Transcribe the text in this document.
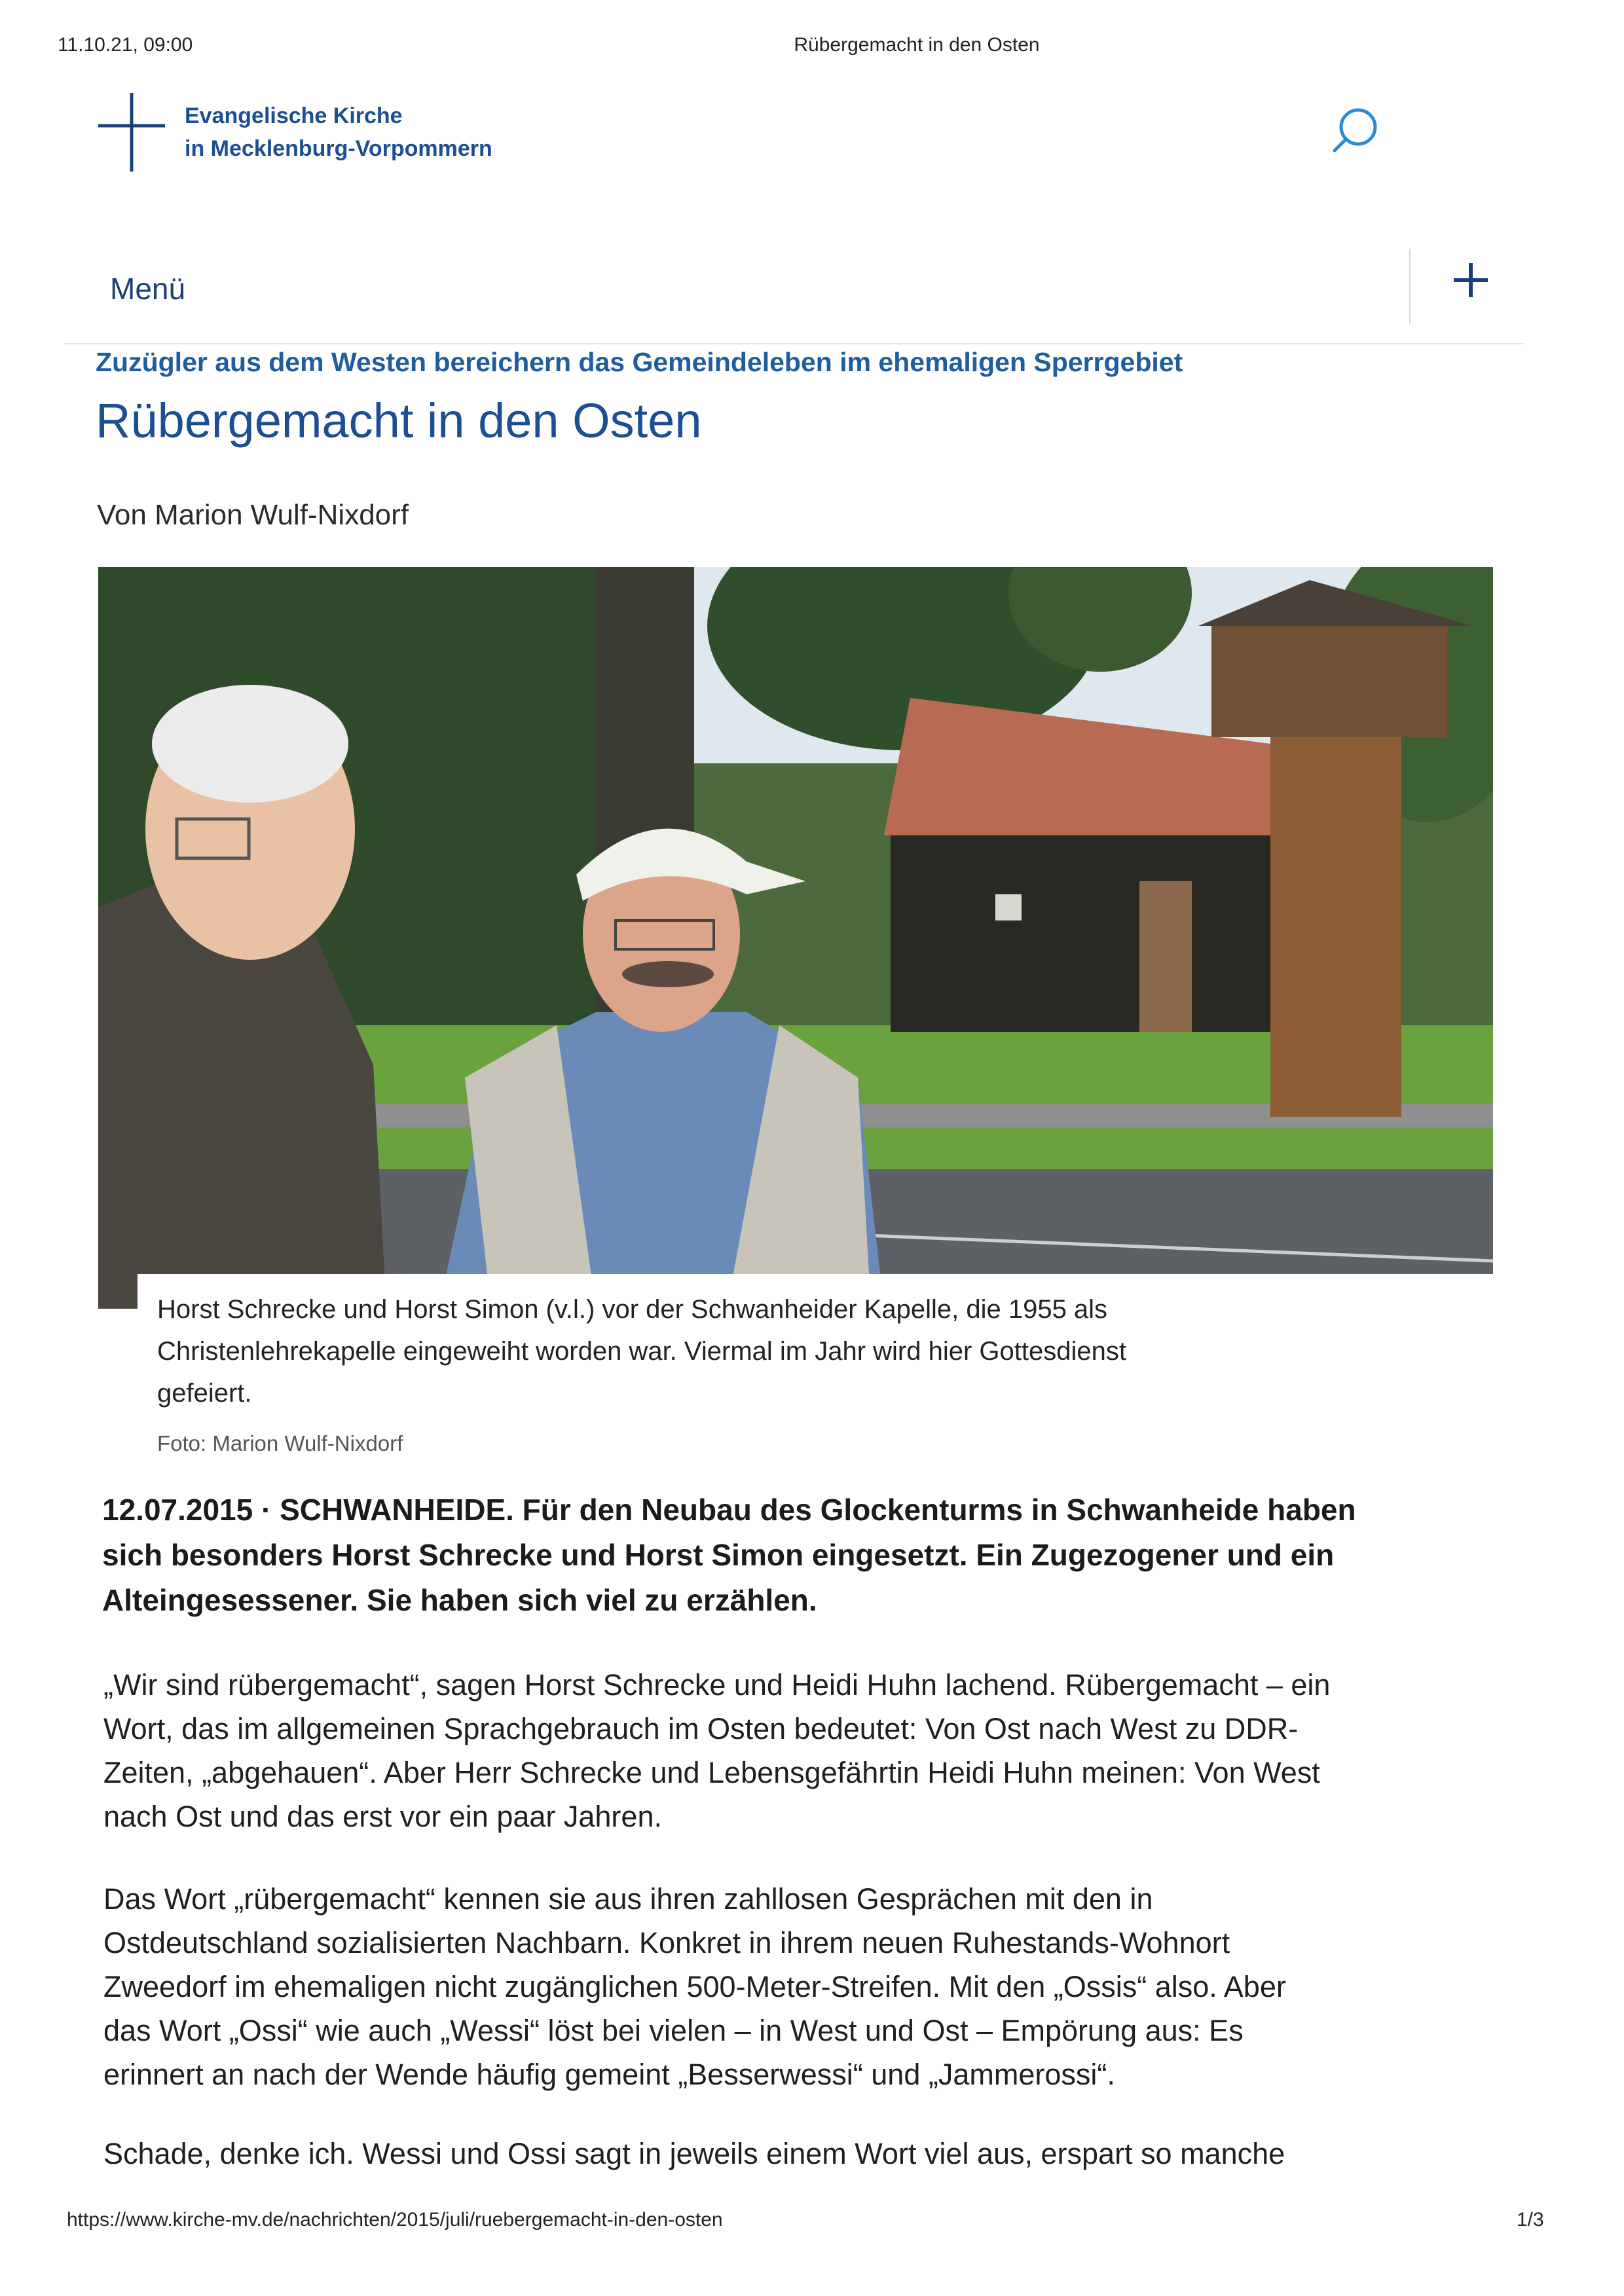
11.10.21, 09:00	Rübergemacht in den Osten
Evangelische Kirche
in Mecklenburg-Vorpommern
Menü
Zuzügler aus dem Westen bereichern das Gemeindeleben im ehemaligen Sperrgebiet
Rübergemacht in den Osten
Von Marion Wulf-Nixdorf
Horst Schrecke und Horst Simon (v.l.) vor der Schwanheider Kapelle, die 1955 als
Christenlehrekapelle eingeweiht worden war. Viermal im Jahr wird hier Gottesdienst
gefeiert.
Foto: Marion Wulf-Nixdorf
12.07.2015 · SCHWANHEIDE. Für den Neubau des Glockenturms in Schwanheide haben
sich besonders Horst Schrecke und Horst Simon eingesetzt. Ein Zugezogener und ein
Alteingesessener. Sie haben sich viel zu erzählen.
„Wir sind rübergemacht“, sagen Horst Schrecke und Heidi Huhn lachend. Rübergemacht – ein
Wort, das im allgemeinen Sprachgebrauch im Osten bedeutet: Von Ost nach West zu DDR-
Zeiten, „abgehauen“. Aber Herr Schrecke und Lebensgefährtin Heidi Huhn meinen: Von West
nach Ost und das erst vor ein paar Jahren.
Das Wort „rübergemacht“ kennen sie aus ihren zahllosen Gesprächen mit den in
Ostdeutschland sozialisierten Nachbarn. Konkret in ihrem neuen Ruhestands-Wohnort
Zweedorf im ehemaligen nicht zugänglichen 500-Meter-Streifen. Mit den „Ossis“ also. Aber
das Wort „Ossi“ wie auch „Wessi“ löst bei vielen – in West und Ost – Empörung aus: Es
erinnert an nach der Wende häufig gemeint „Besserwessi“ und „Jammerossi“.
Schade, denke ich. Wessi und Ossi sagt in jeweils einem Wort viel aus, erspart so manche
https://www.kirche-mv.de/nachrichten/2015/juli/ruebergemacht-in-den-osten	1/3
